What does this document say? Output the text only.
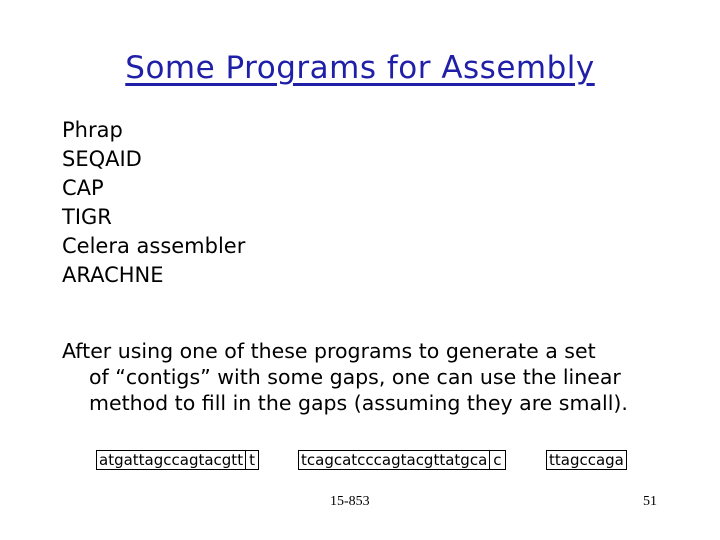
Some Programs for Assembly
Phrap
SEQAID
CAP
TIGR
Celera assembler
ARACHNE

After using one of these programs to generate a set
of “contigs” with some gaps, one can use the linear
method to fill in the gaps (assuming they are small).

atgattagccagtacgtt t	tcagcatcccagtacgttatgca c	ttagccaga
15-853	51
